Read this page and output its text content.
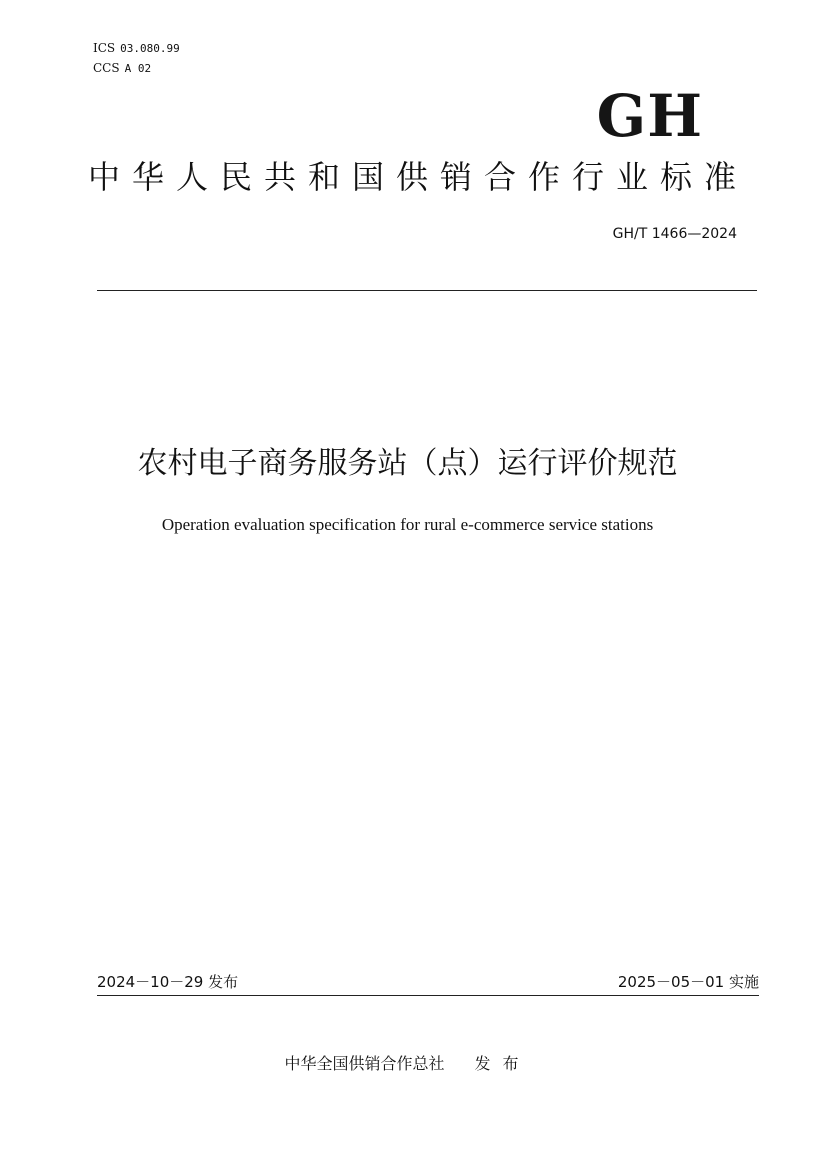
ICS 03.080.99
CCS A 02
GH
中华人民共和国供销合作行业标准
GH/T 1466—2024
农村电子商务服务站（点）运行评价规范
Operation evaluation specification for rural e-commerce service stations
2024－10－29 发布	2025－05－01 实施
中华全国供销合作总社 发布
